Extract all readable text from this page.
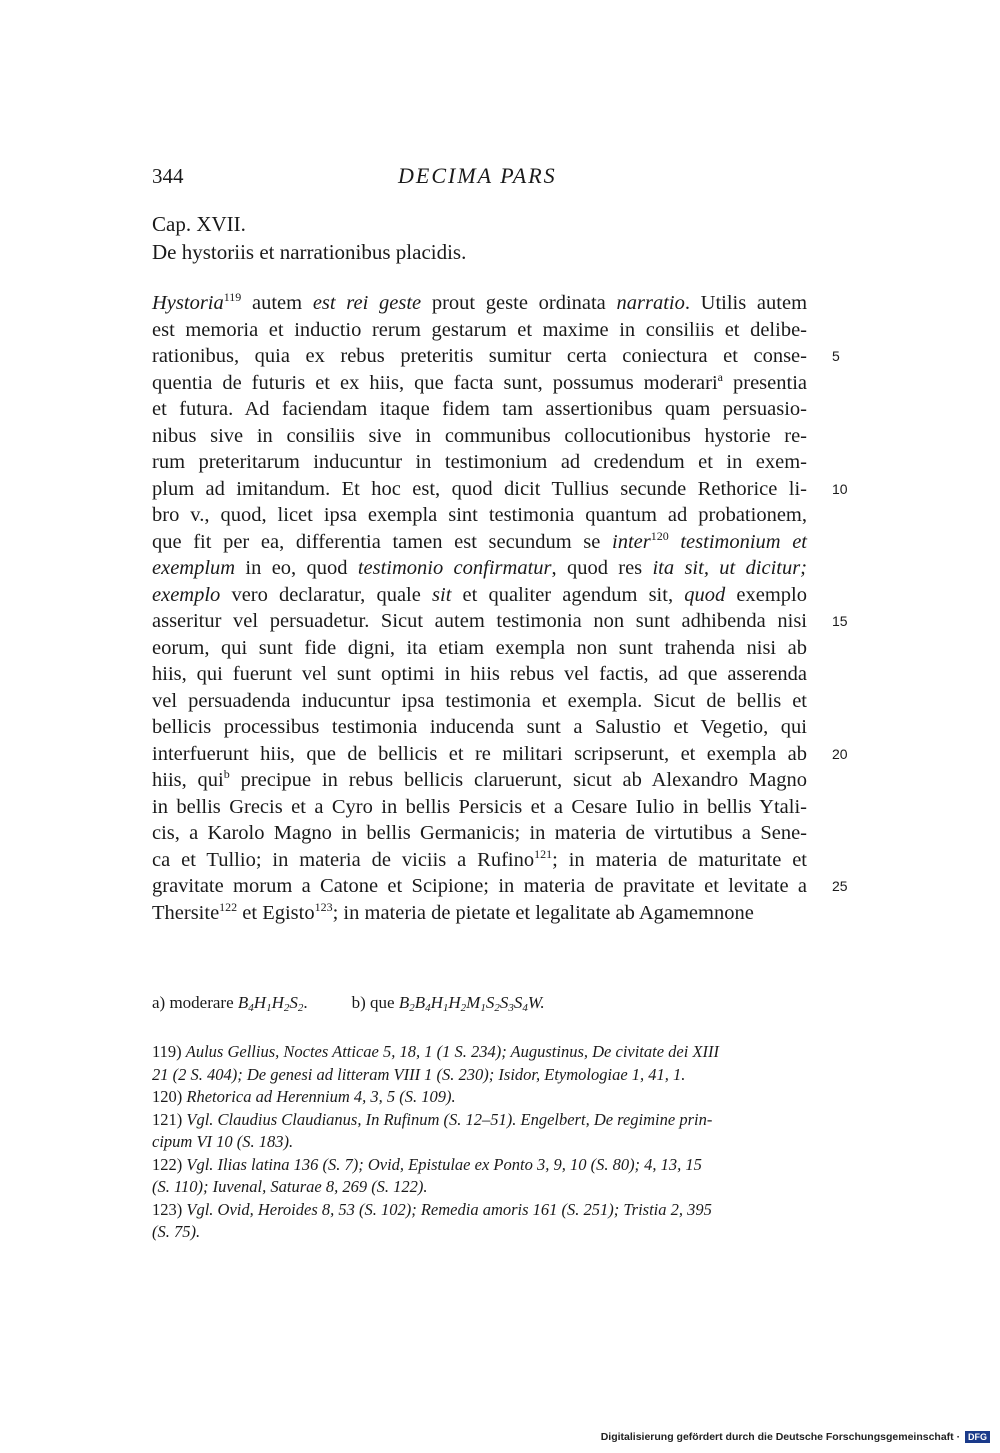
344	DECIMA PARS
Cap. XVII.
De hystoriis et narrationibus placidis.
Hystoria$^{119}$ autem est rei geste prout geste ordinata narratio. Utilis autem
est memoria et inductio rerum gestarum et maxime in consiliis et delibe-
rationibus, quia ex rebus preteritis sumitur certa coniectura et conse-
quentia de futuris et ex hiis, que facta sunt, possumus moderari$^a$ presentia
et futura. Ad faciendam itaque fidem tam assertionibus quam persuasio-
nibus sive in consiliis sive in communibus collocutionibus hystorie re-
rum preteritarum inducuntur in testimonium ad credendum et in exem-
plum ad imitandum. Et hoc est, quod dicit Tullius secunde Rethorice li-
bro v., quod, licet ipsa exempla sint testimonia quantum ad probationem,
que fit per ea, differentia tamen est secundum se inter$^{120}$ testimonium et
exemplum in eo, quod testimonio confirmatur, quod res ita sit, ut dicitur;
exemplo vero declaratur, quale sit et qualiter agendum sit, quod exemplo
asseritur vel persuadetur. Sicut autem testimonia non sunt adhibenda nisi
eorum, qui sunt fide digni, ita etiam exempla non sunt trahenda nisi ab
hiis, qui fuerunt vel sunt optimi in hiis rebus vel factis, ad que asserenda
vel persuadenda inducuntur ipsa testimonia et exempla. Sicut de bellis et
bellicis processibus testimonia inducenda sunt a Salustio et Vegetio, qui
interfuerunt hiis, que de bellicis et re militari scripserunt, et exempla ab
hiis, qui$^b$ precipue in rebus bellicis claruerunt, sicut ab Alexandro Magno
in bellis Grecis et a Cyro in bellis Persicis et a Cesare Iulio in bellis Ytali-
cis, a Karolo Magno in bellis Germanicis; in materia de virtutibus a Sene-
ca et Tullio; in materia de viciis a Rufino$^{121}$; in materia de maturitate et
gravitate morum a Catone et Scipione; in materia de pravitate et levitate a
Thersite$^{122}$ et Egisto$^{123}$; in materia de pietate et legalitate ab Agamemnone
5
10
15
20
25
a) moderare $B_4H_1H_2S_2$.	b) que $B_2B_4H_1H_2M_1S_2S_3S_4W$.
119) Aulus Gellius, Noctes Atticae 5, 18, 1 (1 S. 234); Augustinus, De civitate dei XIII
21 (2 S. 404); De genesi ad litteram VIII 1 (S. 230); Isidor, Etymologiae 1, 41, 1.
120) Rhetorica ad Herennium 4, 3, 5 (S. 109).
121) Vgl. Claudius Claudianus, In Rufinum (S. 12–51). Engelbert, De regimine prin-
cipum VI 10 (S. 183).
122) Vgl. Ilias latina 136 (S. 7); Ovid, Epistulae ex Ponto 3, 9, 10 (S. 80); 4, 13, 15
(S. 110); Iuvenal, Saturae 8, 269 (S. 122).
123) Vgl. Ovid, Heroides 8, 53 (S. 102); Remedia amoris 161 (S. 251); Tristia 2, 395
(S. 75).
Digitalisierung gefördert durch die Deutsche Forschungsgemeinschaft · DFG
